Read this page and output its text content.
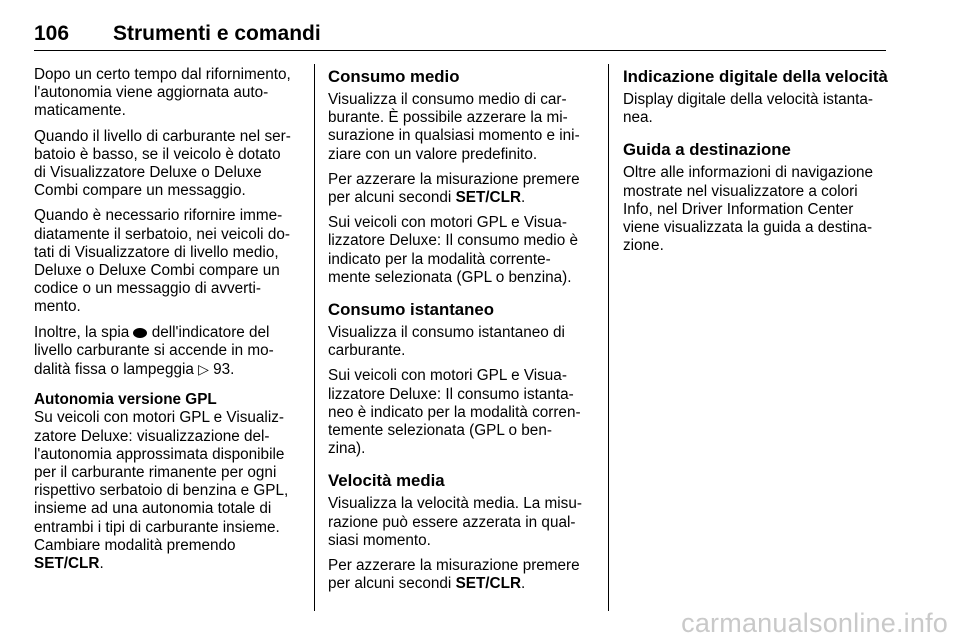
106 Strumenti e comandi

Dopo un certo tempo dal rifornimento,
l'autonomia viene aggiornata auto-
maticamente.

Quando il livello di carburante nel ser-
batoio è basso, se il veicolo è dotato
di Visualizzatore Deluxe o Deluxe
Combi compare un messaggio.

Quando è necessario rifornire imme-
diatamente il serbatoio, nei veicoli do-
tati di Visualizzatore di livello medio,
Deluxe o Deluxe Combi compare un
codice o un messaggio di avverti-
mento.

Inoltre, la spia dell'indicatore del
livello carburante si accende in mo-
dalità fissa o lampeggia ▷ 93.

Autonomia versione GPL

Su veicoli con motori GPL e Visualiz-
zatore Deluxe: visualizzazione del-
l'autonomia approssimata disponibile
per il carburante rimanente per ogni
rispettivo serbatoio di benzina e GPL,
insieme ad una autonomia totale di
entrambi i tipi di carburante insieme.
Cambiare modalità premendo
SET/CLR.

Consumo medio

Visualizza il consumo medio di car-
burante. È possibile azzerare la mi-
surazione in qualsiasi momento e ini-
ziare con un valore predefinito.

Per azzerare la misurazione premere
per alcuni secondi SET/CLR.

Sui veicoli con motori GPL e Visua-
lizzatore Deluxe: Il consumo medio è
indicato per la modalità corrente-
mente selezionata (GPL o benzina).

Consumo istantaneo

Visualizza il consumo istantaneo di
carburante.

Sui veicoli con motori GPL e Visua-
lizzatore Deluxe: Il consumo istanta-
neo è indicato per la modalità corren-
temente selezionata (GPL o ben-
zina).

Velocità media

Visualizza la velocità media. La misu-
razione può essere azzerata in qual-
siasi momento.

Per azzerare la misurazione premere
per alcuni secondi SET/CLR.

Indicazione digitale della velocità

Display digitale della velocità istanta-
nea.

Guida a destinazione

Oltre alle informazioni di navigazione
mostrate nel visualizzatore a colori
Info, nel Driver Information Center
viene visualizzata la guida a destina-
zione.

carmanualsonline.info
